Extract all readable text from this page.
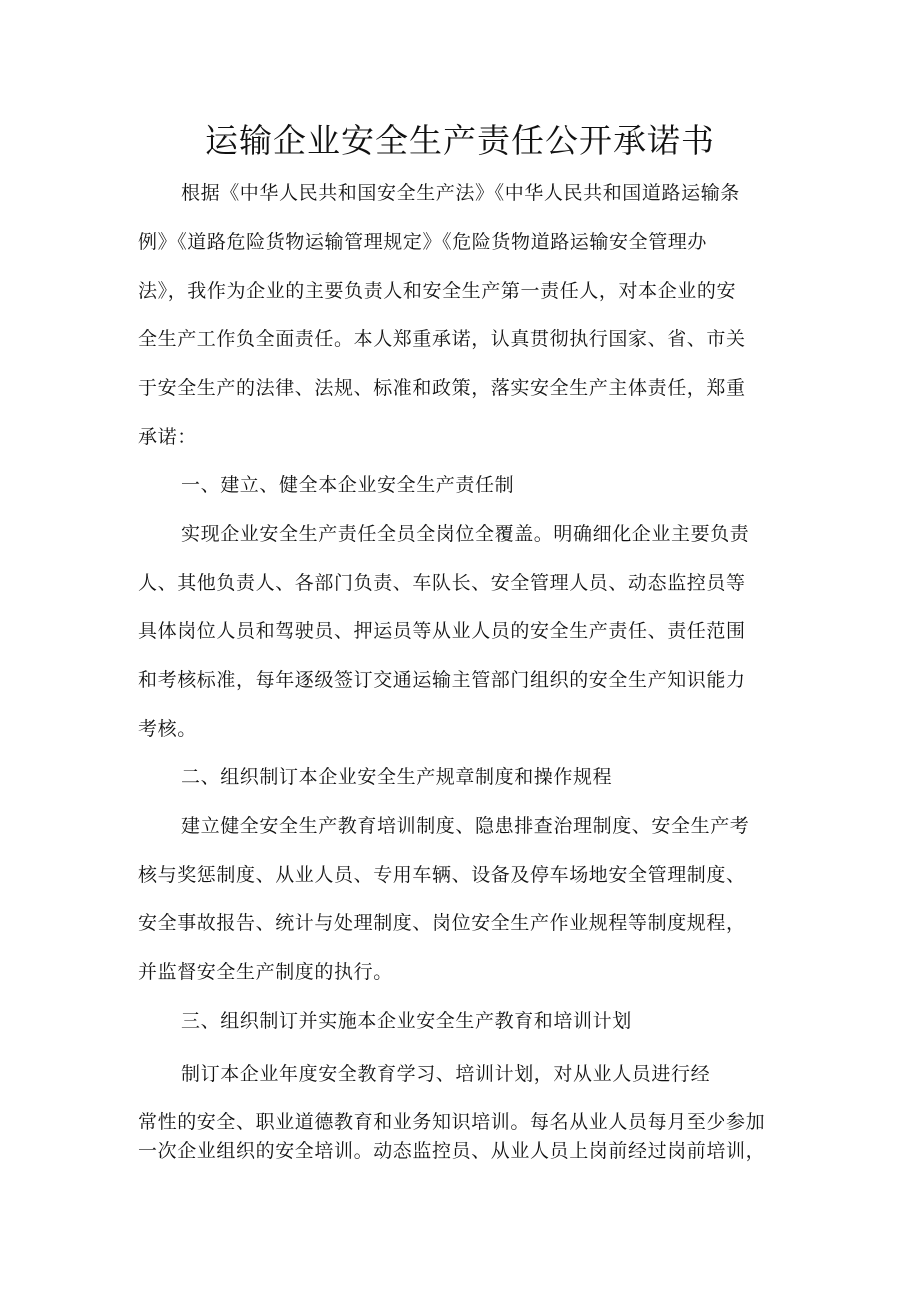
运输企业安全生产责任公开承诺书
根据《中华人民共和国安全生产法》《中华人民共和国道路运输条
例》《道路危险货物运输管理规定》《危险货物道路运输安全管理办
法》，我作为企业的主要负责人和安全生产第一责任人，对本企业的安
全生产工作负全面责任。本人郑重承诺，认真贯彻执行国家、省、市关
于安全生产的法律、法规、标准和政策，落实安全生产主体责任，郑重
承诺：
一、建立、健全本企业安全生产责任制
实现企业安全生产责任全员全岗位全覆盖。明确细化企业主要负责
人、其他负责人、各部门负责、车队长、安全管理人员、动态监控员等
具体岗位人员和驾驶员、押运员等从业人员的安全生产责任、责任范围
和考核标准，每年逐级签订交通运输主管部门组织的安全生产知识能力
考核。
二、组织制订本企业安全生产规章制度和操作规程
建立健全安全生产教育培训制度、隐患排查治理制度、安全生产考
核与奖惩制度、从业人员、专用车辆、设备及停车场地安全管理制度、
安全事故报告、统计与处理制度、岗位安全生产作业规程等制度规程，
并监督安全生产制度的执行。
三、组织制订并实施本企业安全生产教育和培训计划
制订本企业年度安全教育学习、培训计划，对从业人员进行经
常性的安全、职业道德教育和业务知识培训。每名从业人员每月至少参加
一次企业组织的安全培训。动态监控员、从业人员上岗前经过岗前培训，
